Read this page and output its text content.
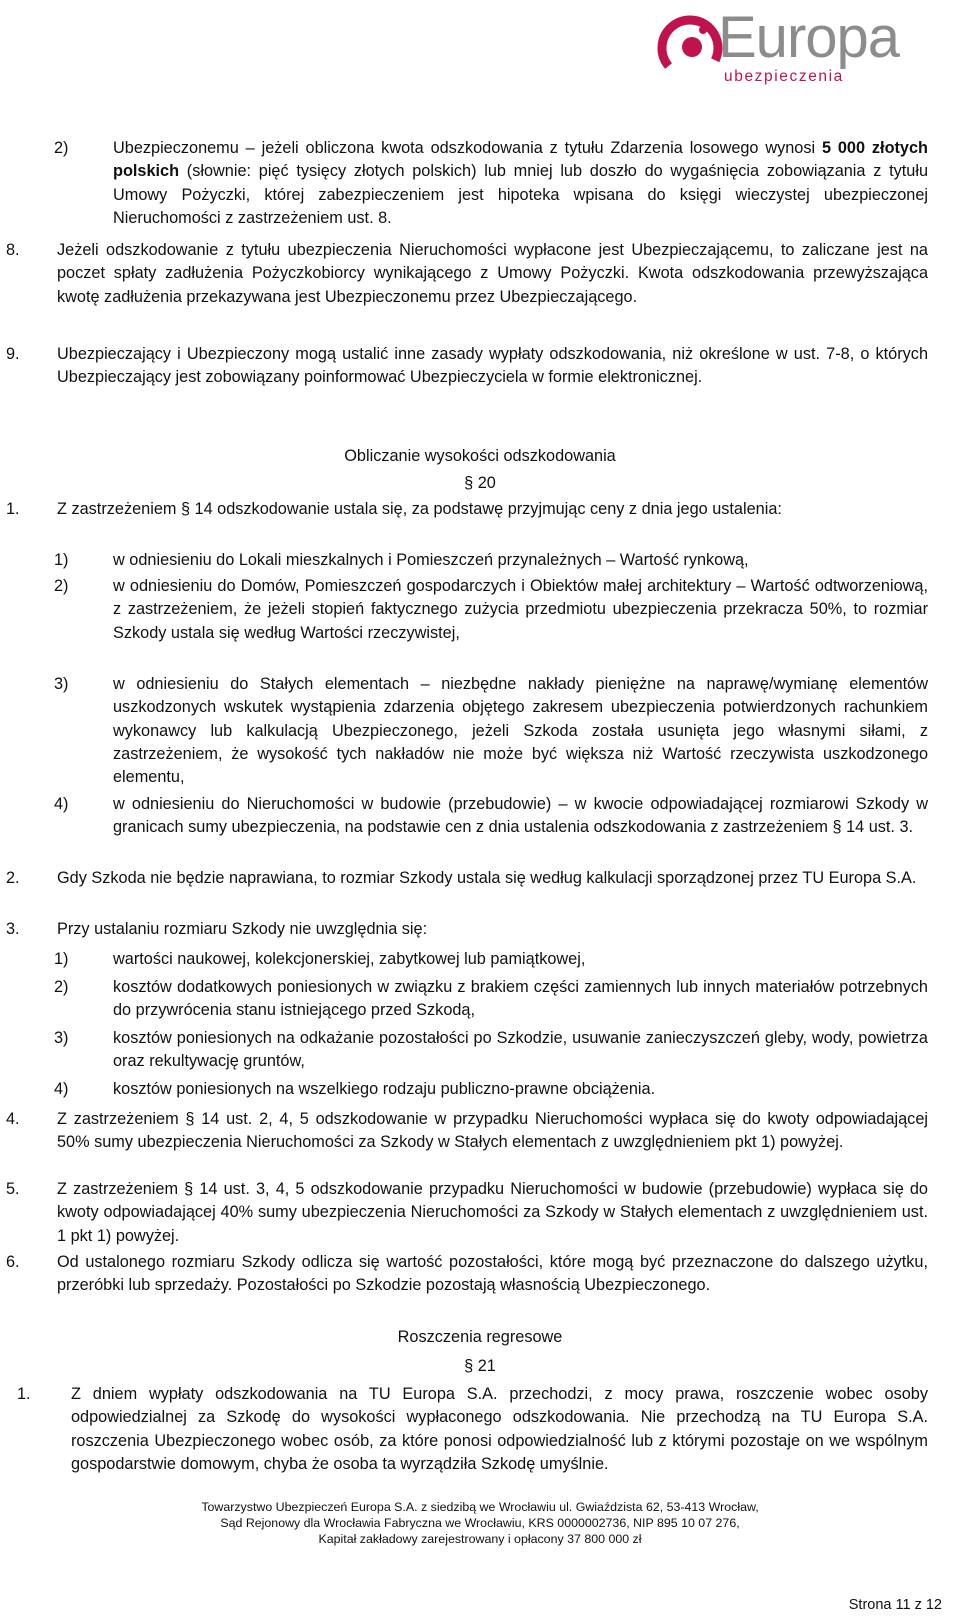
Europa
ubezpieczenia
2)	Ubezpieczonemu – jeżeli obliczona kwota odszkodowania z tytułu Zdarzenia losowego wynosi 5 000 złotych polskich (słownie: pięć tysięcy złotych polskich) lub mniej lub doszło do wygaśnięcia zobowiązania z tytułu Umowy Pożyczki, której zabezpieczeniem jest hipoteka wpisana do księgi wieczystej ubezpieczonej Nieruchomości z zastrzeżeniem ust. 8.
8. Jeżeli odszkodowanie z tytułu ubezpieczenia Nieruchomości wypłacone jest Ubezpieczającemu, to zaliczane jest na poczet spłaty zadłużenia Pożyczkobiorcy wynikającego z Umowy Pożyczki. Kwota odszkodowania przewyższająca kwotę zadłużenia przekazywana jest Ubezpieczonemu przez Ubezpieczającego.
9. Ubezpieczający i Ubezpieczony mogą ustalić inne zasady wypłaty odszkodowania, niż określone w ust. 7-8, o których Ubezpieczający jest zobowiązany poinformować Ubezpieczyciela w formie elektronicznej.
Obliczanie wysokości odszkodowania
§ 20
1. Z zastrzeżeniem § 14 odszkodowanie ustala się, za podstawę przyjmując ceny z dnia jego ustalenia:
1)	w odniesieniu do Lokali mieszkalnych i Pomieszczeń przynależnych – Wartość rynkową,
2)	w odniesieniu do Domów, Pomieszczeń gospodarczych i Obiektów małej architektury – Wartość odtworzeniową, z zastrzeżeniem, że jeżeli stopień faktycznego zużycia przedmiotu ubezpieczenia przekracza 50%, to rozmiar Szkody ustala się według Wartości rzeczywistej,
3)	w odniesieniu do Stałych elementach – niezbędne nakłady pieniężne na naprawę/wymianę elementów uszkodzonych wskutek wystąpienia zdarzenia objętego zakresem ubezpieczenia potwierdzonych rachunkiem wykonawcy lub kalkulacją Ubezpieczonego, jeżeli Szkoda została usunięta jego własnymi siłami, z zastrzeżeniem, że wysokość tych nakładów nie może być większa niż Wartość rzeczywista uszkodzonego elementu,
4)	w odniesieniu do Nieruchomości w budowie (przebudowie) – w kwocie odpowiadającej rozmiarowi Szkody w granicach sumy ubezpieczenia, na podstawie cen z dnia ustalenia odszkodowania z zastrzeżeniem § 14 ust. 3.
2. Gdy Szkoda nie będzie naprawiana, to rozmiar Szkody ustala się według kalkulacji sporządzonej przez TU Europa S.A.
3. Przy ustalaniu rozmiaru Szkody nie uwzględnia się:
1)	wartości naukowej, kolekcjonerskiej, zabytkowej lub pamiątkowej,
2)	kosztów dodatkowych poniesionych w związku z brakiem części zamiennych lub innych materiałów potrzebnych do przywrócenia stanu istniejącego przed Szkodą,
3)	kosztów poniesionych na odkażanie pozostałości po Szkodzie, usuwanie zanieczyszczeń gleby, wody, powietrza oraz rekultywację gruntów,
4)	kosztów poniesionych na wszelkiego rodzaju publiczno-prawne obciążenia.
4. Z zastrzeżeniem § 14 ust. 2, 4, 5 odszkodowanie w przypadku Nieruchomości wypłaca się do kwoty odpowiadającej 50% sumy ubezpieczenia Nieruchomości za Szkody w Stałych elementach z uwzględnieniem pkt 1) powyżej.
5. Z zastrzeżeniem § 14 ust. 3, 4, 5 odszkodowanie przypadku Nieruchomości w budowie (przebudowie) wypłaca się do kwoty odpowiadającej 40% sumy ubezpieczenia Nieruchomości za Szkody w Stałych elementach z uwzględnieniem ust. 1 pkt 1) powyżej.
6. Od ustalonego rozmiaru Szkody odlicza się wartość pozostałości, które mogą być przeznaczone do dalszego użytku, przeróbki lub sprzedaży. Pozostałości po Szkodzie pozostają własnością Ubezpieczonego.
Roszczenia regresowe
§ 21
1. Z dniem wypłaty odszkodowania na TU Europa S.A. przechodzi, z mocy prawa, roszczenie wobec osoby odpowiedzialnej za Szkodę do wysokości wypłaconego odszkodowania. Nie przechodzą na TU Europa S.A. roszczenia Ubezpieczonego wobec osób, za które ponosi odpowiedzialność lub z którymi pozostaje on we wspólnym gospodarstwie domowym, chyba że osoba ta wyrządziła Szkodę umyślnie.
Towarzystwo Ubezpieczeń Europa S.A. z siedzibą we Wrocławiu ul. Gwiaździsta 62, 53-413 Wrocław,
Sąd Rejonowy dla Wrocławia Fabryczna we Wrocławiu, KRS 0000002736, NIP 895 10 07 276,
Kapitał zakładowy zarejestrowany i opłacony 37 800 000 zł
Strona 11 z 12
